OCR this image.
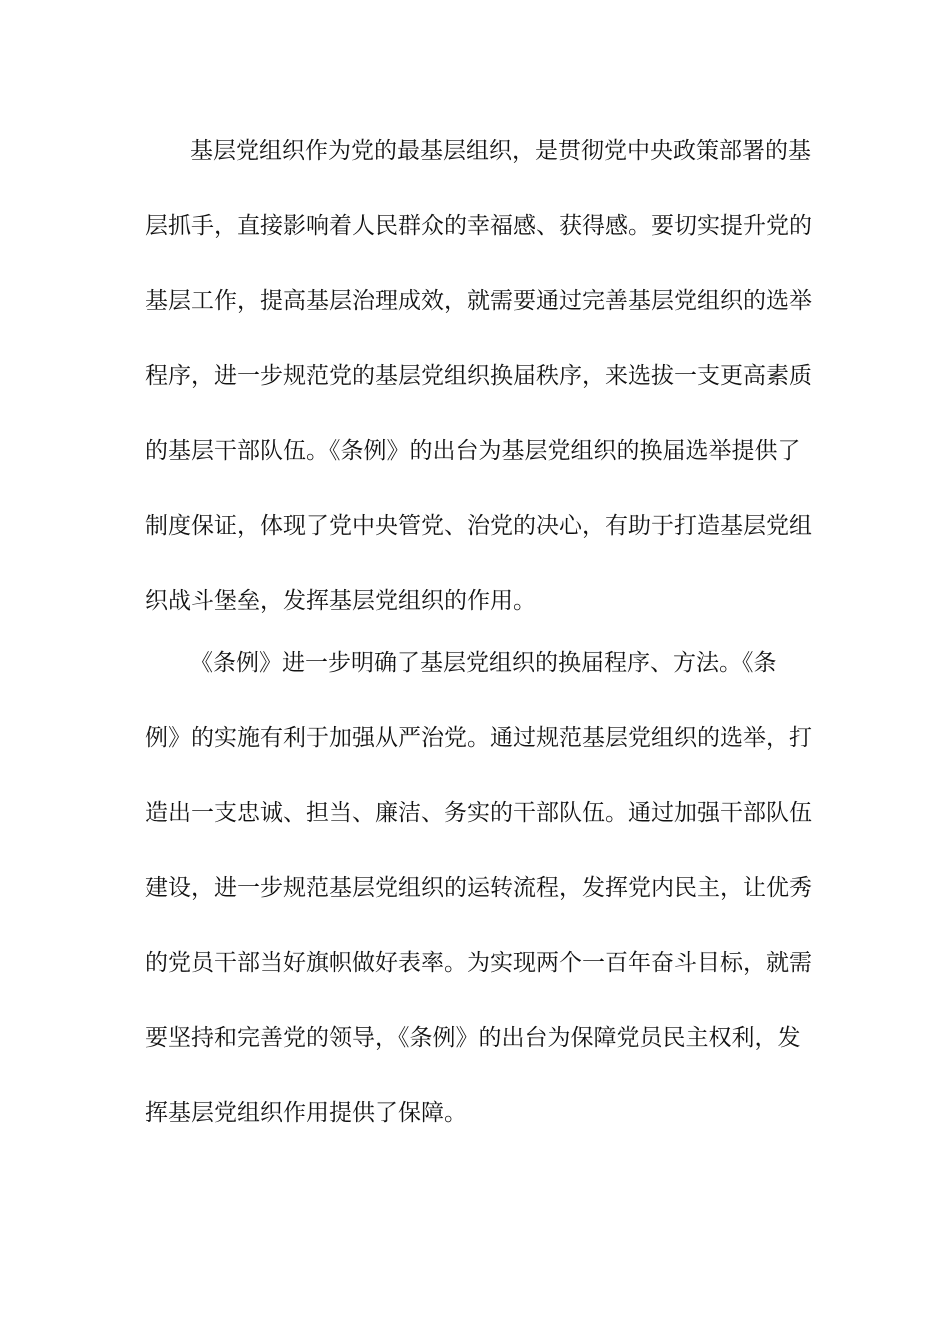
基层党组织作为党的最基层组织，是贯彻党中央政策部署的基
层抓手，直接影响着人民群众的幸福感、获得感。要切实提升党的
基层工作，提高基层治理成效，就需要通过完善基层党组织的选举
程序，进一步规范党的基层党组织换届秩序，来选拔一支更高素质
的基层干部队伍。《条例》的出台为基层党组织的换届选举提供了
制度保证，体现了党中央管党、治党的决心，有助于打造基层党组
织战斗堡垒，发挥基层党组织的作用。
《条例》进一步明确了基层党组织的换届程序、方法。《条
例》的实施有利于加强从严治党。通过规范基层党组织的选举，打
造出一支忠诚、担当、廉洁、务实的干部队伍。通过加强干部队伍
建设，进一步规范基层党组织的运转流程，发挥党内民主，让优秀
的党员干部当好旗帜做好表率。为实现两个一百年奋斗目标，就需
要坚持和完善党的领导，《条例》的出台为保障党员民主权利，发
挥基层党组织作用提供了保障。
